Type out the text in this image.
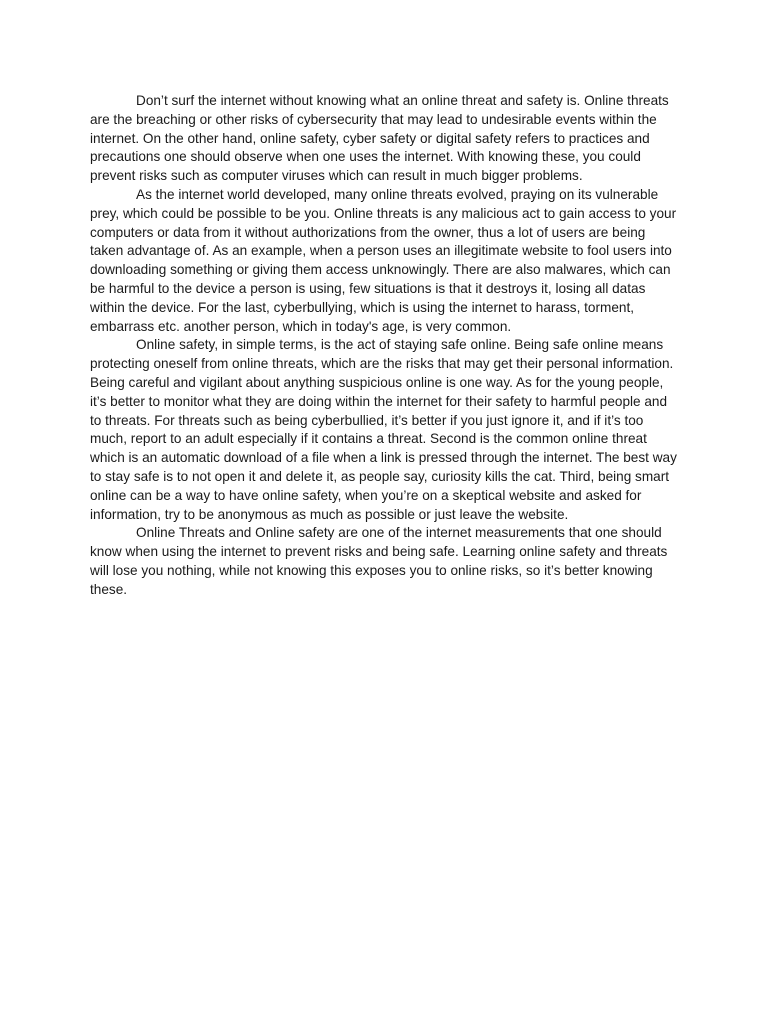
Don’t surf the internet without knowing what an online threat and safety is. Online threats are the breaching or other risks of cybersecurity that may lead to undesirable events within the internet. On the other hand, online safety, cyber safety or digital safety refers to practices and precautions one should observe when one uses the internet. With knowing these, you could prevent risks such as computer viruses which can result in much bigger problems.

As the internet world developed, many online threats evolved, praying on its vulnerable prey, which could be possible to be you. Online threats is any malicious act to gain access to your computers or data from it without authorizations from the owner, thus a lot of users are being taken advantage of. As an example, when a person uses an illegitimate website to fool users into downloading something or giving them access unknowingly. There are also malwares, which can be harmful to the device a person is using, few situations is that it destroys it, losing all datas within the device. For the last, cyberbullying, which is using the internet to harass, torment, embarrass etc. another person, which in today's age, is very common.

Online safety, in simple terms, is the act of staying safe online. Being safe online means protecting oneself from online threats, which are the risks that may get their personal information. Being careful and vigilant about anything suspicious online is one way. As for the young people, it’s better to monitor what they are doing within the internet for their safety to harmful people and to threats. For threats such as being cyberbullied, it’s better if you just ignore it, and if it’s too much, report to an adult especially if it contains a threat. Second is the common online threat which is an automatic download of a file when a link is pressed through the internet. The best way to stay safe is to not open it and delete it, as people say, curiosity kills the cat. Third, being smart online can be a way to have online safety, when you’re on a skeptical website and asked for information, try to be anonymous as much as possible or just leave the website.

Online Threats and Online safety are one of the internet measurements that one should know when using the internet to prevent risks and being safe. Learning online safety and threats will lose you nothing, while not knowing this exposes you to online risks, so it’s better knowing these.
